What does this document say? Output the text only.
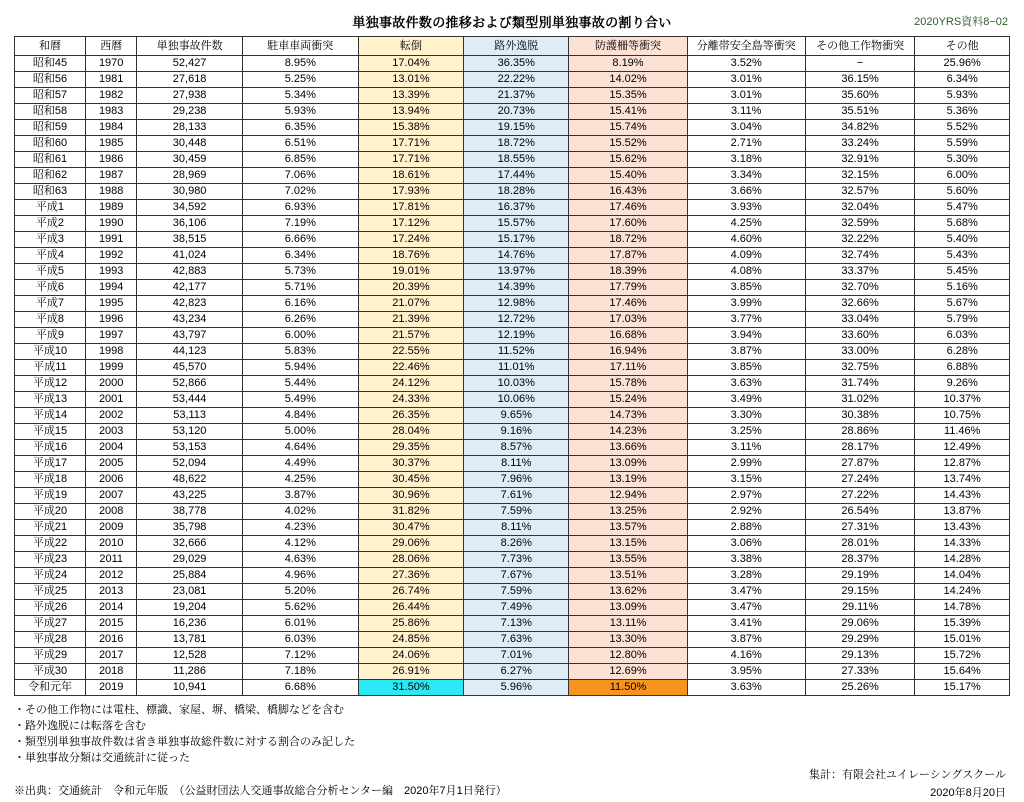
単独事故件数の推移および類型別単独事故の割り合い	2020YRS資料8−02
和暦	西暦	単独事故件数	駐車車両衝突	転倒	路外逸脱	防護柵等衝突	分離帯安全島等衝突	その他工作物衝突	その他
昭和45	1970	52,427	8.95%	17.04%	36.35%	8.19%	3.52%	−	25.96%
昭和56	1981	27,618	5.25%	13.01%	22.22%	14.02%	3.01%	36.15%	6.34%
昭和57	1982	27,938	5.34%	13.39%	21.37%	15.35%	3.01%	35.60%	5.93%
昭和58	1983	29,238	5.93%	13.94%	20.73%	15.41%	3.11%	35.51%	5.36%
昭和59	1984	28,133	6.35%	15.38%	19.15%	15.74%	3.04%	34.82%	5.52%
昭和60	1985	30,448	6.51%	17.71%	18.72%	15.52%	2.71%	33.24%	5.59%
昭和61	1986	30,459	6.85%	17.71%	18.55%	15.62%	3.18%	32.91%	5.30%
昭和62	1987	28,969	7.06%	18.61%	17.44%	15.40%	3.34%	32.15%	6.00%
昭和63	1988	30,980	7.02%	17.93%	18.28%	16.43%	3.66%	32.57%	5.60%
平成1	1989	34,592	6.93%	17.81%	16.37%	17.46%	3.93%	32.04%	5.47%
平成2	1990	36,106	7.19%	17.12%	15.57%	17.60%	4.25%	32.59%	5.68%
平成3	1991	38,515	6.66%	17.24%	15.17%	18.72%	4.60%	32.22%	5.40%
平成4	1992	41,024	6.34%	18.76%	14.76%	17.87%	4.09%	32.74%	5.43%
平成5	1993	42,883	5.73%	19.01%	13.97%	18.39%	4.08%	33.37%	5.45%
平成6	1994	42,177	5.71%	20.39%	14.39%	17.79%	3.85%	32.70%	5.16%
平成7	1995	42,823	6.16%	21.07%	12.98%	17.46%	3.99%	32.66%	5.67%
平成8	1996	43,234	6.26%	21.39%	12.72%	17.03%	3.77%	33.04%	5.79%
平成9	1997	43,797	6.00%	21.57%	12.19%	16.68%	3.94%	33.60%	6.03%
平成10	1998	44,123	5.83%	22.55%	11.52%	16.94%	3.87%	33.00%	6.28%
平成11	1999	45,570	5.94%	22.46%	11.01%	17.11%	3.85%	32.75%	6.88%
平成12	2000	52,866	5.44%	24.12%	10.03%	15.78%	3.63%	31.74%	9.26%
平成13	2001	53,444	5.49%	24.33%	10.06%	15.24%	3.49%	31.02%	10.37%
平成14	2002	53,113	4.84%	26.35%	9.65%	14.73%	3.30%	30.38%	10.75%
平成15	2003	53,120	5.00%	28.04%	9.16%	14.23%	3.25%	28.86%	11.46%
平成16	2004	53,153	4.64%	29.35%	8.57%	13.66%	3.11%	28.17%	12.49%
平成17	2005	52,094	4.49%	30.37%	8.11%	13.09%	2.99%	27.87%	12.87%
平成18	2006	48,622	4.25%	30.45%	7.96%	13.19%	3.15%	27.24%	13.74%
平成19	2007	43,225	3.87%	30.96%	7.61%	12.94%	2.97%	27.22%	14.43%
平成20	2008	38,778	4.02%	31.82%	7.59%	13.25%	2.92%	26.54%	13.87%
平成21	2009	35,798	4.23%	30.47%	8.11%	13.57%	2.88%	27.31%	13.43%
平成22	2010	32,666	4.12%	29.06%	8.26%	13.15%	3.06%	28.01%	14.33%
平成23	2011	29,029	4.63%	28.06%	7.73%	13.55%	3.38%	28.37%	14.28%
平成24	2012	25,884	4.96%	27.36%	7.67%	13.51%	3.28%	29.19%	14.04%
平成25	2013	23,081	5.20%	26.74%	7.59%	13.62%	3.47%	29.15%	14.24%
平成26	2014	19,204	5.62%	26.44%	7.49%	13.09%	3.47%	29.11%	14.78%
平成27	2015	16,236	6.01%	25.86%	7.13%	13.11%	3.41%	29.06%	15.39%
平成28	2016	13,781	6.03%	24.85%	7.63%	13.30%	3.87%	29.29%	15.01%
平成29	2017	12,528	7.12%	24.06%	7.01%	12.80%	4.16%	29.13%	15.72%
平成30	2018	11,286	7.18%	26.91%	6.27%	12.69%	3.95%	27.33%	15.64%
令和元年	2019	10,941	6.68%	31.50%	5.96%	11.50%	3.63%	25.26%	15.17%
・その他工作物には電柱、標識、家屋、塀、橋梁、橋脚などを含む
・路外逸脱には転落を含む
・類型別単独事故件数は省き単独事故総件数に対する割合のみ記した
・単独事故分類は交通統計に従った
※出典：交通統計　令和元年版　（公益財団法人交通事故総合分析センター編　2020年7月1日発行）
集計：有限会社ユイレーシングスクール
2020年8月20日
